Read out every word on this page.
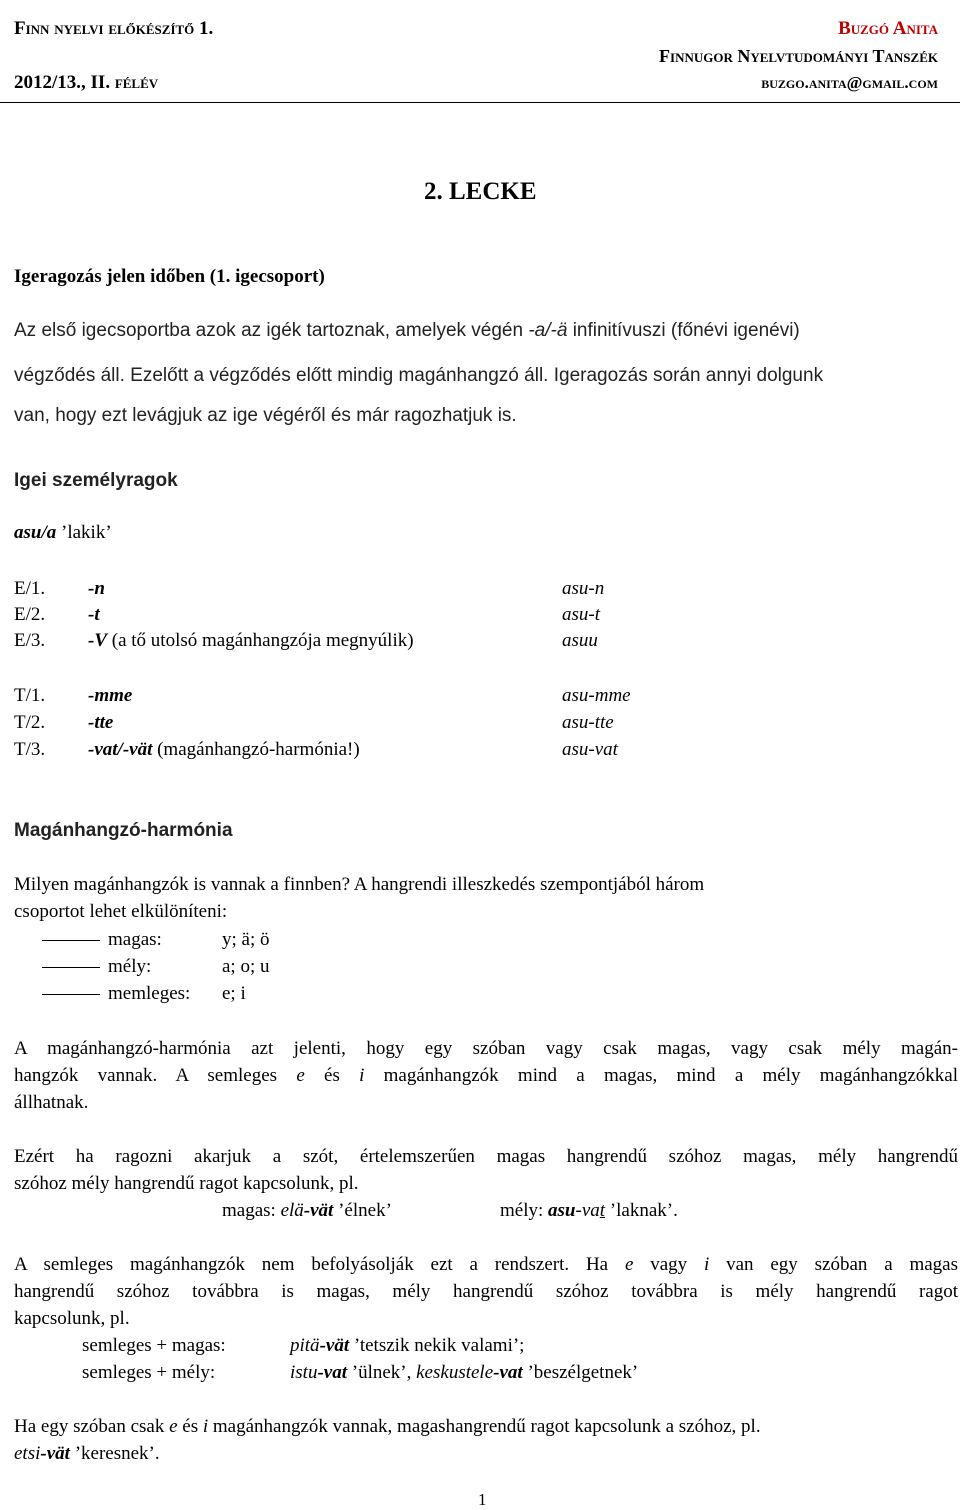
Finn nyelvi előkészítő 1.
2012/13., II. félév
Buzgó Anita
Finnugor Nyelvtudományi Tanszék
buzgo.anita@gmail.com
2. LECKE
Igeragozás jelen időben (1. igecsoport)
Az első igecsoportba azok az igék tartoznak, amelyek végén -a/-ä infinitívuszi (főnévi igenévi)
végződés áll. Ezelőtt a végződés előtt mindig magánhangzó áll. Igeragozás során annyi dolgunk
van, hogy ezt levágjuk az ige végéről és már ragozhatjuk is.
Igei személyragok
asu/a ’lakik’
E/1. -n	asu-n
E/2. -t	asu-t
E/3. -V (a tő utolsó magánhangzója megnyúlik)	asuu
T/1. -mme	asu-mme
T/2. -tte	asu-tte
T/3. -vat/-vät (magánhangzó-harmónia!)	asu-vat
Magánhangzó-harmónia
Milyen magánhangzók is vannak a finnben? A hangrendi illeszkedés szempontjából három
csoportot lehet elkülöníteni:
magas:	y; ä; ö
mély:	a; o; u
memleges: e; i
A magánhangzó-harmónia azt jelenti, hogy egy szóban vagy csak magas, vagy csak mély magán-
hangzók vannak. A semleges e és i magánhangzók mind a magas, mind a mély magánhangzókkal
állhatnak.
Ezért ha ragozni akarjuk a szót, értelemszerűen magas hangrendű szóhoz magas, mély hangrendű
szóhoz mély hangrendű ragot kapcsolunk, pl.
magas: elä-vät ’élnek’	mély: asu-vat ’laknak’.
A semleges magánhangzók nem befolyásolják ezt a rendszert. Ha e vagy i van egy szóban a magas
hangrendű szóhoz továbbra is magas, mély hangrendű szóhoz továbbra is mély hangrendű ragot
kapcsolunk, pl.
semleges + magas:	pitä-vät ’tetszik nekik valami’;
semleges + mély:	istu-vat ’ülnek’, keskustele-vat ’beszélgetnek’
Ha egy szóban csak e és i magánhangzók vannak, magashangrendű ragot kapcsolunk a szóhoz, pl.
etsi-vät ’keresnek’.
1
